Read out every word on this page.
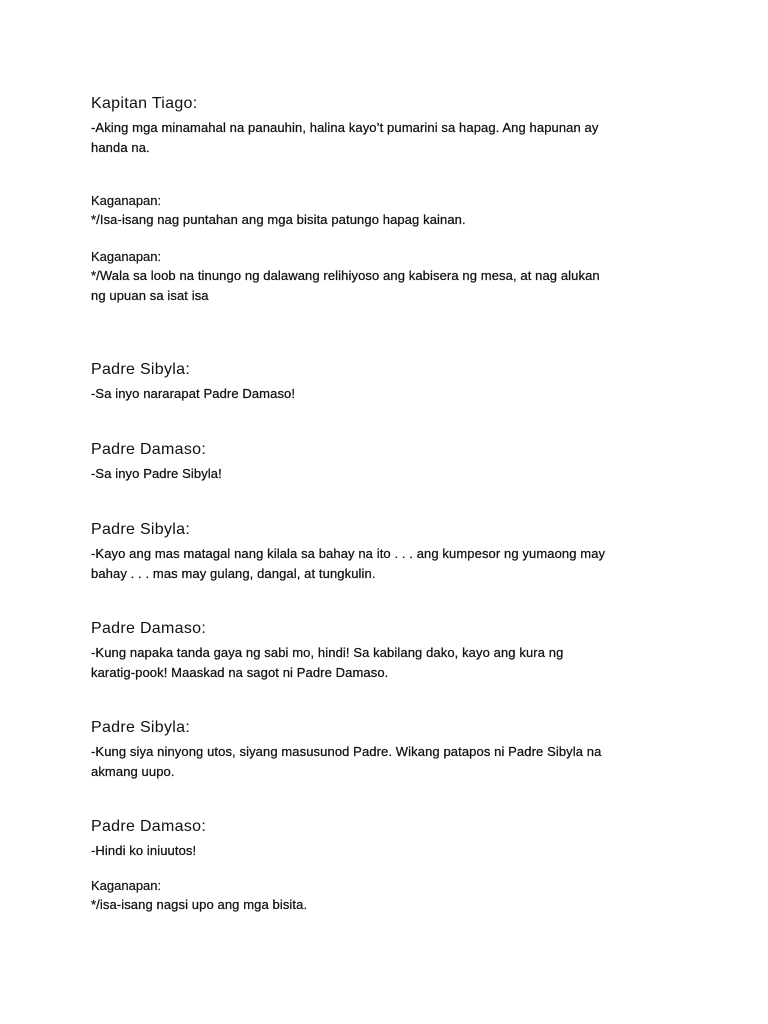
Kapitan Tiago:

-Aking mga minamahal na panauhin, halina kayo’t pumarini sa hapag. Ang hapunan ay

handa na.

Kaganapan:

*/Isa-isang nag puntahan ang mga bisita patungo hapag kainan.

Kaganapan:

*/Wala sa loob na tinungo ng dalawang relihiyoso ang kabisera ng mesa, at nag alukan

ng upuan sa isat isa

Padre Sibyla:

-Sa inyo nararapat Padre Damaso!

Padre Damaso:

-Sa inyo Padre Sibyla!

Padre Sibyla:

-Kayo ang mas matagal nang kilala sa bahay na ito . . . ang kumpesor ng yumaong may

bahay . . . mas may gulang, dangal, at tungkulin.

Padre Damaso:

-Kung napaka tanda gaya ng sabi mo, hindi! Sa kabilang dako, kayo ang kura ng

karatig-pook! Maaskad na sagot ni Padre Damaso.

Padre Sibyla:

-Kung siya ninyong utos, siyang masusunod Padre. Wikang patapos ni Padre Sibyla na

akmang uupo.

Padre Damaso:

-Hindi ko iniuutos!

Kaganapan:

*/isa-isang nagsi upo ang mga bisita.
